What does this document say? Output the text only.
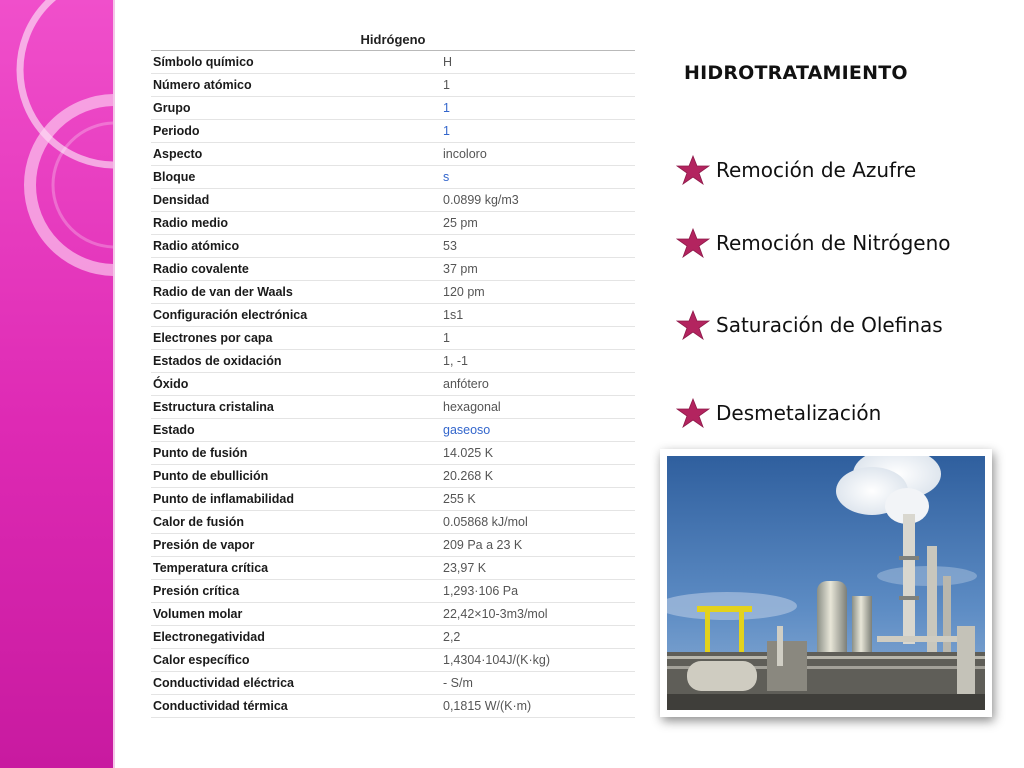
Hidrógeno
Símbolo químico	H
Número atómico	1
Grupo	1
Periodo	1
Aspecto	incoloro
Bloque	s
Densidad	0.0899 kg/m3
Radio medio	25 pm
Radio atómico	53
Radio covalente	37 pm
Radio de van der Waals	120 pm
Configuración electrónica	1s1
Electrones por capa	1
Estados de oxidación	1, -1
Óxido	anfótero
Estructura cristalina	hexagonal
Estado	gaseoso
Punto de fusión	14.025 K
Punto de ebullición	20.268 K
Punto de inflamabilidad	255 K
Calor de fusión	0.05868 kJ/mol
Presión de vapor	209 Pa a 23 K
Temperatura crítica	23,97 K
Presión crítica	1,293·106 Pa
Volumen molar	22,42×10-3m3/mol
Electronegatividad	2,2
Calor específico	1,4304·104J/(K·kg)
Conductividad eléctrica	- S/m
Conductividad térmica	0,1815 W/(K·m)
HIDROTRATAMIENTO
Remoción de Azufre
Remoción de Nitrógeno
Saturación de Olefinas
Desmetalización
